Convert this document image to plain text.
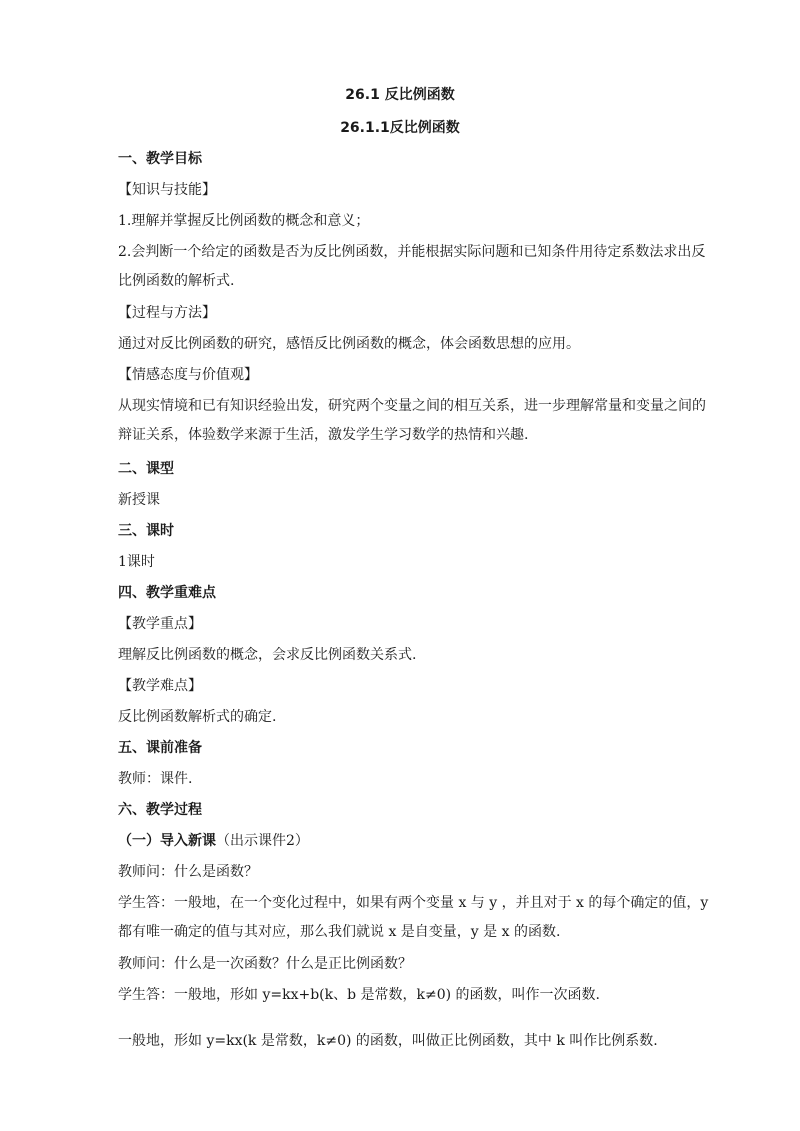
26.1 反比例函数
26.1.1反比例函数
一、教学目标
【知识与技能】
1.理解并掌握反比例函数的概念和意义；
2.会判断一个给定的函数是否为反比例函数，并能根据实际问题和已知条件用待定系数法求出反
比例函数的解析式.
【过程与方法】
通过对反比例函数的研究，感悟反比例函数的概念，体会函数思想的应用。
【情感态度与价值观】
从现实情境和已有知识经验出发，研究两个变量之间的相互关系，进一步理解常量和变量之间的
辩证关系，体验数学来源于生活，激发学生学习数学的热情和兴趣.
二、课型
新授课
三、课时
1课时
四、教学重难点
【教学重点】
理解反比例函数的概念，会求反比例函数关系式.
【教学难点】
反比例函数解析式的确定.
五、课前准备
教师：课件.
六、教学过程
（一）导入新课（出示课件2）
教师问：什么是函数？
学生答：一般地，在一个变化过程中，如果有两个变量 x 与 y ，并且对于 x 的每个确定的值，y
都有唯一确定的值与其对应，那么我们就说 x 是自变量，y 是 x 的函数.
教师问：什么是一次函数？什么是正比例函数？
学生答：一般地，形如 y=kx+b(k、b 是常数，k≠0) 的函数，叫作一次函数.
一般地，形如 y=kx(k 是常数，k≠0) 的函数，叫做正比例函数，其中 k 叫作比例系数.
